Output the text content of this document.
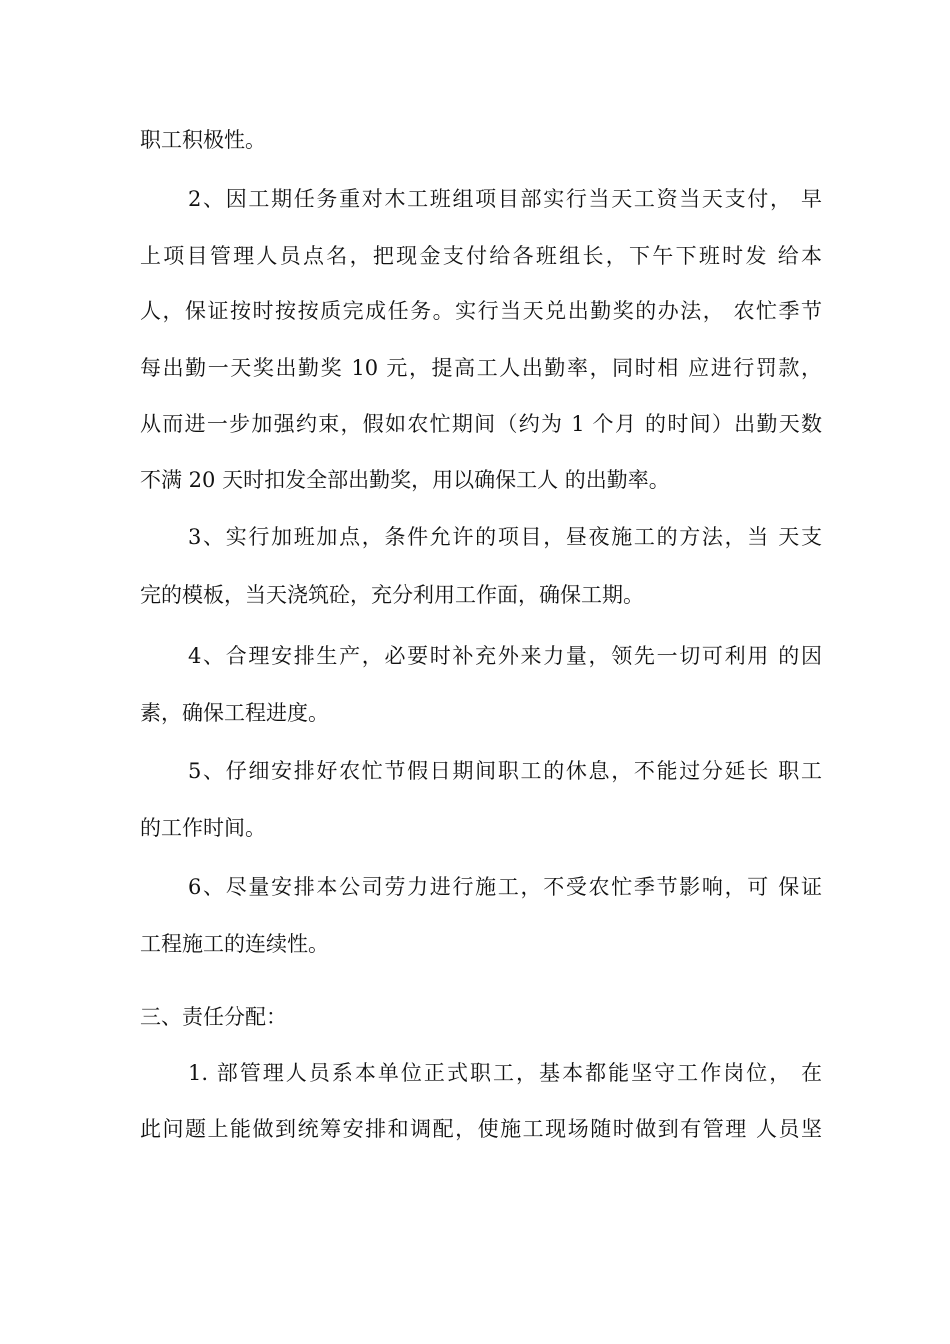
职工积极性。
2、因工期任务重对木工班组项目部实行当天工资当天支付， 早
上项目管理人员点名，把现金支付给各班组长，下午下班时发 给本
人，保证按时按按质完成任务。实行当天兑出勤奖的办法， 农忙季节
每出勤一天奖出勤奖 10 元，提高工人出勤率，同时相 应进行罚款，
从而进一步加强约束，假如农忙期间（约为 1 个月 的时间）出勤天数
不满 20 天时扣发全部出勤奖，用以确保工人 的出勤率。
3、实行加班加点，条件允许的项目，昼夜施工的方法，当 天支
完的模板，当天浇筑砼，充分利用工作面，确保工期。
4、合理安排生产，必要时补充外来力量，领先一切可利用 的因
素，确保工程进度。
5、仔细安排好农忙节假日期间职工的休息，不能过分延长 职工
的工作时间。
6、尽量安排本公司劳力进行施工，不受农忙季节影响，可 保证
工程施工的连续性。
三、责任分配：
1. 部管理人员系本单位正式职工，基本都能坚守工作岗位， 在
此问题上能做到统筹安排和调配，使施工现场随时做到有管理 人员坚
